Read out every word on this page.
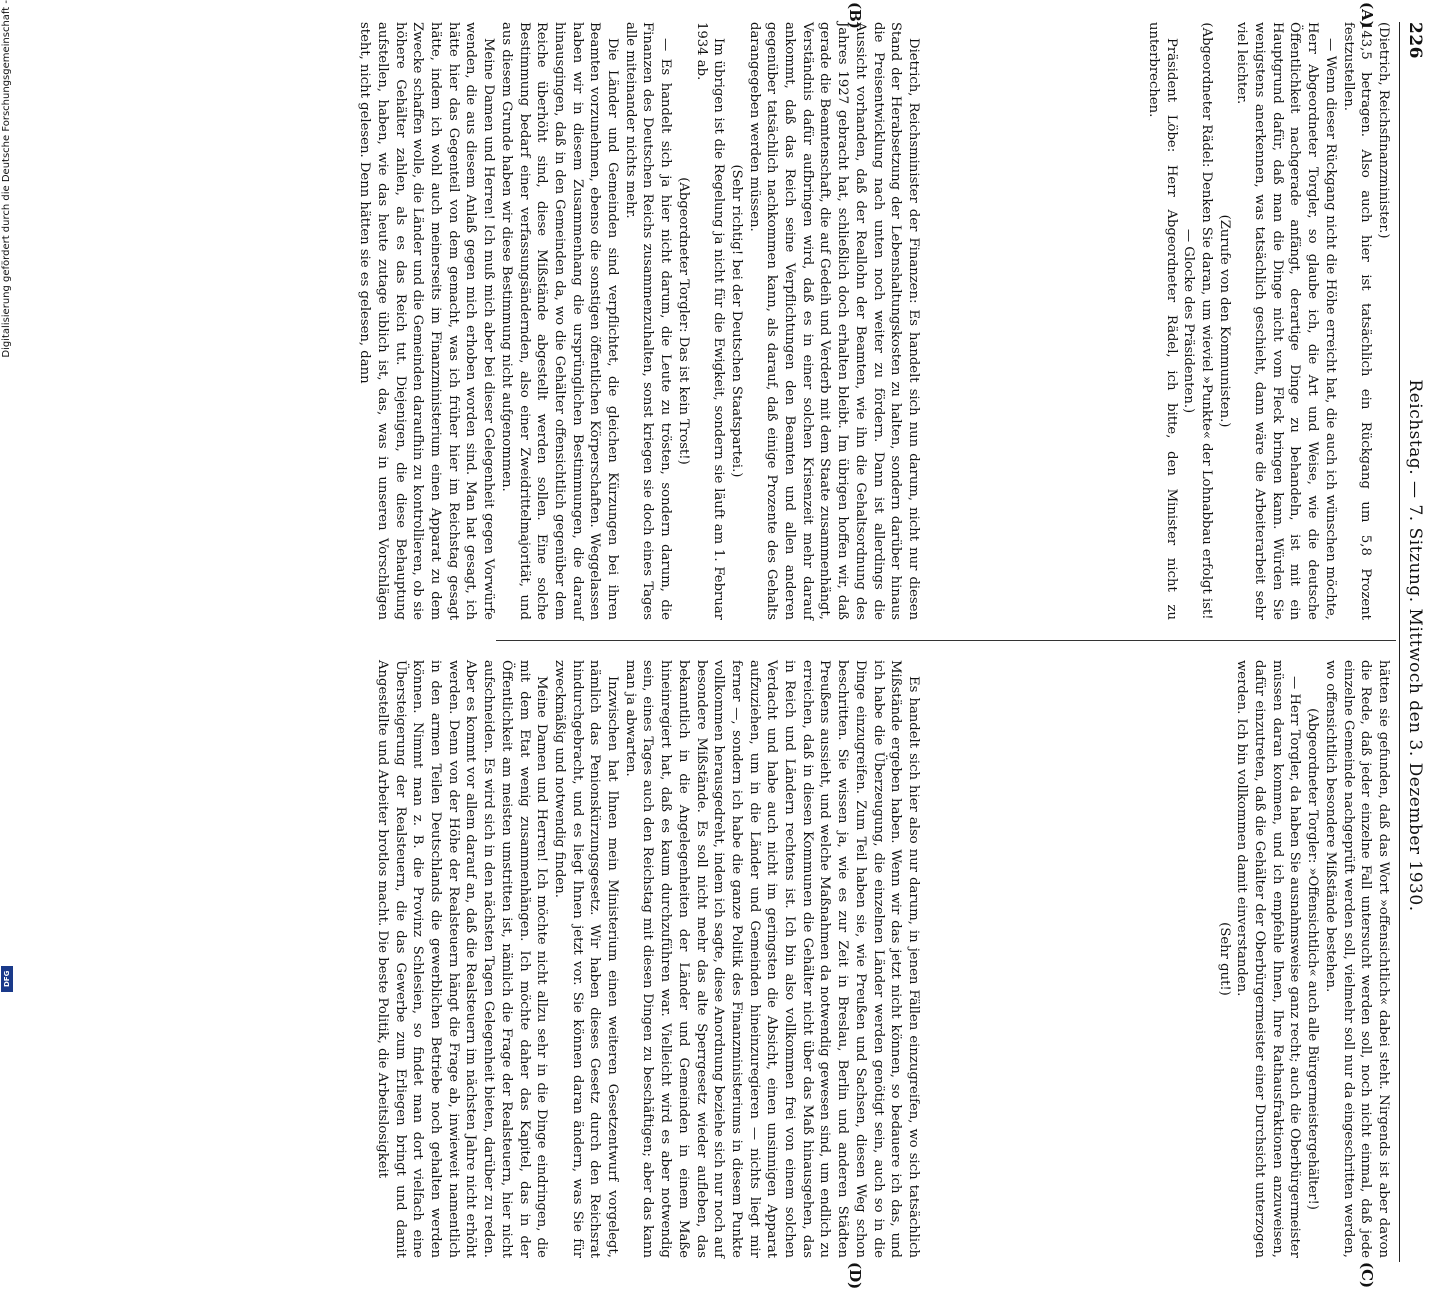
226
Reichstag. — 7. Sitzung. Mittwoch den 3. Dezember 1930.
(A)
(B)
(C)
(D)

(Dietrich, Reichsfinanzminister.)

143,5 betragen. Also auch hier ist tatsächlich ein Rückgang um 5,8 Prozent festzustellen.

— Wenn dieser Rückgang nicht die Höhe erreicht hat, die auch ich wünschen möchte, Herr Abgeordneter Torgler, so glaube ich, die Art und Weise, wie die deutsche Öffentlichkeit nachgerade anfängt, derartige Dinge zu behandeln, ist mit ein Hauptgrund dafür, daß man die Dinge nicht vom Fleck bringen kann. Würden Sie wenigstens anerkennen, was tatsächlich geschieht, dann wäre die Arbeiterarbeit sehr viel leichter.

(Zurufe von den Kommunisten.)

(Abgeordneter Rädel: Denken Sie daran, um wieviel »Punkte« der Lohnabbau erfolgt ist! — Glocke des Präsidenten.)

Präsident Löbe: Herr Abgeordneter Rädel, ich bitte, den Minister nicht zu unterbrechen.

Dietrich, Reichsminister der Finanzen: Es handelt sich nun darum, nicht nur diesen Stand der Herabsetzung der Lebenshaltungskosten zu halten, sondern darüber hinaus die Preisentwicklung nach unten noch weiter zu fördern. Dann ist allerdings die Aussicht vorhanden, daß der Reallohn der Beamten, wie ihn die Gehaltsordnung des Jahres 1927 gebracht hat, schließlich doch erhalten bleibt. Im übrigen hoffen wir, daß gerade die Beamtenschaft, die auf Gedeih und Verderb mit dem Staate zusammenhängt, Verständnis dafür aufbringen wird, daß es in einer solchen Krisenzeit mehr darauf ankommt, daß das Reich seine Verpflichtungen den Beamten und allen anderen gegenüber tatsächlich nachkommen kann, als darauf, daß einige Prozente des Gehalts darangegeben werden müssen.

(Sehr richtig! bei der Deutschen Staatspartei.)

Im übrigen ist die Regelung ja nicht für die Ewigkeit, sondern sie läuft am 1. Februar 1934 ab.

(Abgeordneter Torgler: Das ist kein Trost!)

— Es handelt sich ja hier nicht darum, die Leute zu trösten, sondern darum, die Finanzen des Deutschen Reichs zusammenzuhalten, sonst kriegen sie doch eines Tages alle miteinander nichts mehr.

Die Länder und Gemeinden sind verpflichtet, die gleichen Kürzungen bei ihren Beamten vorzunehmen, ebenso die sonstigen öffentlichen Körperschaften. Weggelassen haben wir in diesem Zusammenhang die ursprünglichen Bestimmungen, die darauf hinausgingen, daß in den Gemeinden da, wo die Gehälter offensichtlich gegenüber dem Reiche überhöht sind, diese Mißstände abgestellt werden sollen. Eine solche Bestimmung bedarf einer verfassungsändernden, also einer Zweidrittelmajorität, und aus diesem Grunde haben wir diese Bestimmung nicht aufgenommen.

Meine Damen und Herren! Ich muß mich aber bei dieser Gelegenheit gegen Vorwürfe wenden, die aus diesem Anlaß gegen mich erhoben worden sind. Man hat gesagt, ich hätte hier das Gegenteil von dem gemacht, was ich früher hier im Reichstag gesagt hätte, indem ich wohl auch meinerseits im Finanzministerium einen Apparat zu dem Zwecke schaffen wolle, die Länder und die Gemeinden daraufhin zu kontrollieren, ob sie höhere Gehälter zahlen, als es das Reich tut. Diejenigen, die diese Behauptung aufstellen, haben, wie das heute zutage üblich ist, das, was in unseren Vorschlägen steht, nicht gelesen. Denn hätten sie es gelesen, dann

hätten sie gefunden, daß das Wort »offensichtlich« dabei steht. Nirgends ist aber davon die Rede, daß jeder einzelne Fall untersucht werden soll, noch nicht einmal, daß jede einzelne Gemeinde nachgeprüft werden soll, vielmehr soll nur da eingeschritten werden, wo offensichtlich besondere Mißstände bestehen.

(Abgeordneter Torgler: »Offensichtlich« auch alle Bürgermeistergehälter!)

— Herr Torgler, da haben Sie ausnahmsweise ganz recht; auch die Oberbürgermeister müssen daran kommen, und ich empfehle Ihnen, Ihre Rathausfraktionen anzuweisen, dafür einzutreten, daß die Gehälter der Oberbürgermeister einer Durchsicht unterzogen werden. Ich bin vollkommen damit einverstanden.

(Sehr gut!)

Es handelt sich hier also nur darum, in jenen Fällen einzugreifen, wo sich tatsächlich Mißstände ergeben haben. Wenn wir das jetzt nicht können, so bedauere ich das, und ich habe die Überzeugung, die einzelnen Länder werden genötigt sein, auch so in die Dinge einzugreifen. Zum Teil haben sie, wie Preußen und Sachsen, diesen Weg schon beschritten. Sie wissen ja, wie es zur Zeit in Breslau, Berlin und anderen Städten Preußens aussieht, und welche Maßnahmen da notwendig gewesen sind, um endlich zu erreichen, daß in diesen Kommunen die Gehälter nicht über das Maß hinausgehen, das in Reich und Ländern rechtens ist. Ich bin also vollkommen frei von einem solchen Verdacht und habe auch nicht im geringsten die Absicht, einen unsinnigen Apparat aufzuziehen, um in die Länder und Gemeinden hineinzuregieren — nichts liegt mir ferner —, sondern ich habe die ganze Politik des Finanzministeriums in diesem Punkte vollkommen herausgedreht, indem ich sagte, diese Anordnung beziehe sich nur noch auf besondere Mißstände. Es soll nicht mehr das alte Sperrgesetz wieder aufleben, das bekanntlich in die Angelegenheiten der Länder und Gemeinden in einem Maße hineinregiert hat, daß es kaum durchzuführen war. Vielleicht wird es aber notwendig sein, eines Tages auch den Reichstag mit diesen Dingen zu beschäftigen; aber das kann man ja abwarten.

Inzwischen hat Ihnen mein Ministerium einen weiteren Gesetzentwurf vorgelegt, nämlich das Penionskürzungsgesetz. Wir haben dieses Gesetz durch den Reichsrat hindurchgebracht, und es liegt Ihnen jetzt vor. Sie können daran ändern, was Sie für zweckmäßig und notwendig finden.

Meine Damen und Herren! Ich möchte nicht allzu sehr in die Dinge eindringen, die mit dem Etat wenig zusammenhängen. Ich möchte daher das Kapitel, das in der Öffentlichkeit am meisten umstritten ist, nämlich die Frage der Realsteuern, hier nicht aufschneiden. Es wird sich in den nächsten Tagen Gelegenheit bieten, darüber zu reden. Aber es kommt vor allem darauf an, daß die Realsteuern im nächsten Jahre nicht erhöht werden. Denn von der Höhe der Realsteuern hängt die Frage ab, inwieweit namentlich in den armen Teilen Deutschlands die gewerblichen Betriebe noch gehalten werden können. Nimmt man z. B. die Provinz Schlesien, so findet man dort vielfach eine Übersteigerung der Realsteuern, die das Gewerbe zum Erliegen bringt und damit Angestellte und Arbeiter brotlos macht. Die beste Politik, die Arbeitslosigkeit

Digitalisierung gefördert durch die Deutsche Forschungsgemeinschaft -
DFG
